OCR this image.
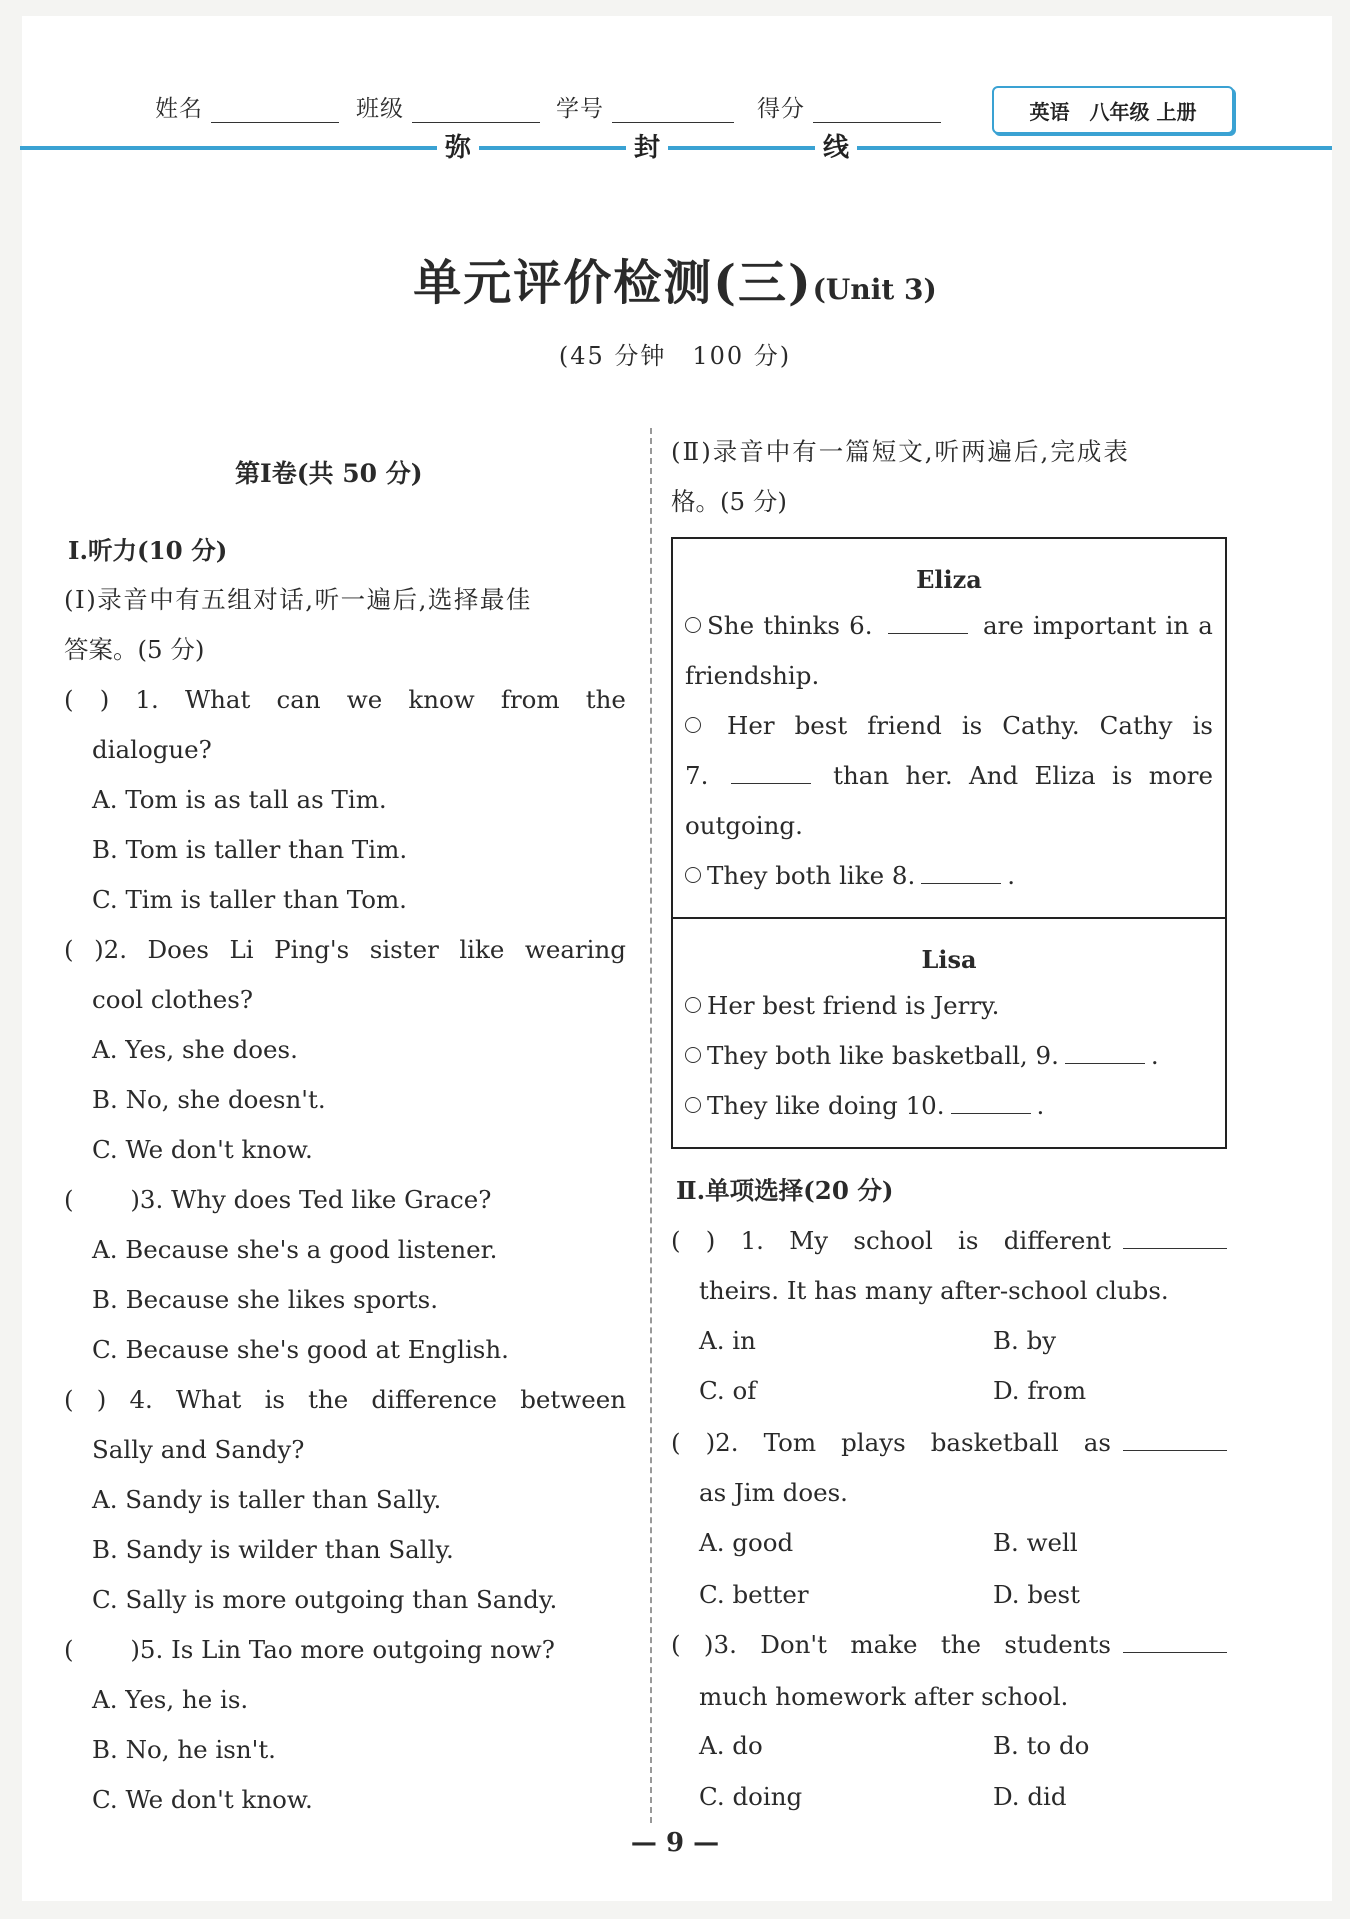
姓名	班级	学号	得分	英语　八年级 上册
弥	封	线
单元评价检测(三)(Unit 3)
(45 分钟　100 分)
第Ⅰ卷(共 50 分)
Ⅰ.听力(10 分)
(Ⅰ)录音中有五组对话,听一遍后,选择最佳
答案。(5 分)
( ) 1. What can we know from the
dialogue?
A. Tom is as tall as Tim.
B. Tom is taller than Tim.
C. Tim is taller than Tom.
( )2. Does Li Ping's sister like wearing
cool clothes?
A. Yes, she does.
B. No, she doesn't.
C. We don't know.
(　　 )3. Why does Ted like Grace?
A. Because she's a good listener.
B. Because she likes sports.
C. Because she's good at English.
( ) 4. What is the difference between
Sally and Sandy?
A. Sandy is taller than Sally.
B. Sandy is wilder than Sally.
C. Sally is more outgoing than Sandy.
(　　 )5. Is Lin Tao more outgoing now?
A. Yes, he is.
B. No, he isn't.
C. We don't know.
(Ⅱ)录音中有一篇短文,听两遍后,完成表
格。(5 分)
Eliza
She thinks 6.	are important in a
friendship.
Her best friend is Cathy. Cathy is
7.	than her. And Eliza is more
outgoing.
They both like 8.	.
Lisa
Her best friend is Jerry.
They both like basketball, 9.	.
They like doing 10.	.
Ⅱ.单项选择(20 分)
( ) 1. My school is different
theirs. It has many after-school clubs.
A. in	B. by
C. of	D. from
( )2. Tom plays basketball as
as Jim does.
A. good	B. well
C. better	D. best
( )3. Don't make the students
much homework after school.
A. do	B. to do
C. doing	D. did
— 9 —
